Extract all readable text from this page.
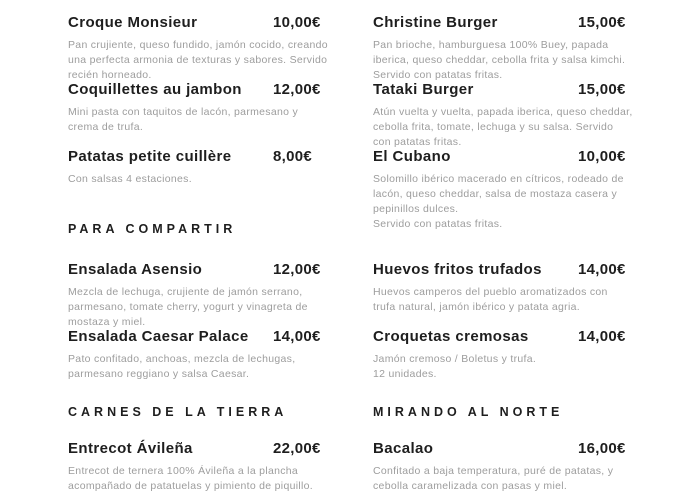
Croque Monsieur	10,00€
Pan crujiente, queso fundido, jamón cocido, creando una perfecta armonia de texturas y sabores. Servido recién horneado.
Coquillettes au jambon 12,00€
Mini pasta con taquitos de lacón, parmesano y crema de trufa.
Patatas petite cuillère	8,00€
Con salsas 4 estaciones.
PARA COMPARTIR
Ensalada Asensio	12,00€
Mezcla de lechuga, crujiente de jamón serrano, parmesano, tomate cherry, yogurt y vinagreta de mostaza y miel.
Ensalada Caesar Palace 14,00€
Pato confitado, anchoas, mezcla de lechugas, parmesano reggiano y salsa Caesar.
CARNES DE LA TIERRA
Entrecot Ávileña	22,00€
Entrecot de ternera 100% Ávileña a la plancha acompañado de patatuelas y pimiento de piquillo.
Christine Burger	15,00€
Pan brioche, hamburguesa 100% Buey, papada iberica, queso cheddar, cebolla frita y salsa kimchi. Servido con patatas fritas.
Tataki Burger	15,00€
Atún vuelta y vuelta, papada iberica, queso cheddar, cebolla frita, tomate, lechuga y su salsa. Servido con patatas fritas.
El Cubano	10,00€
Solomillo ibérico macerado en cítricos, rodeado de lacón, queso cheddar, salsa de mostaza casera y pepinillos dulces.
Servido con patatas fritas.
Huevos fritos trufados 14,00€
Huevos camperos del pueblo aromatizados con trufa natural, jamón ibérico y patata agria.
Croquetas cremosas	14,00€
Jamón cremoso / Boletus y trufa.
12 unidades.
MIRANDO AL NORTE
Bacalao	16,00€
Confitado a baja temperatura, puré de patatas, y cebolla caramelizada con pasas y miel.
